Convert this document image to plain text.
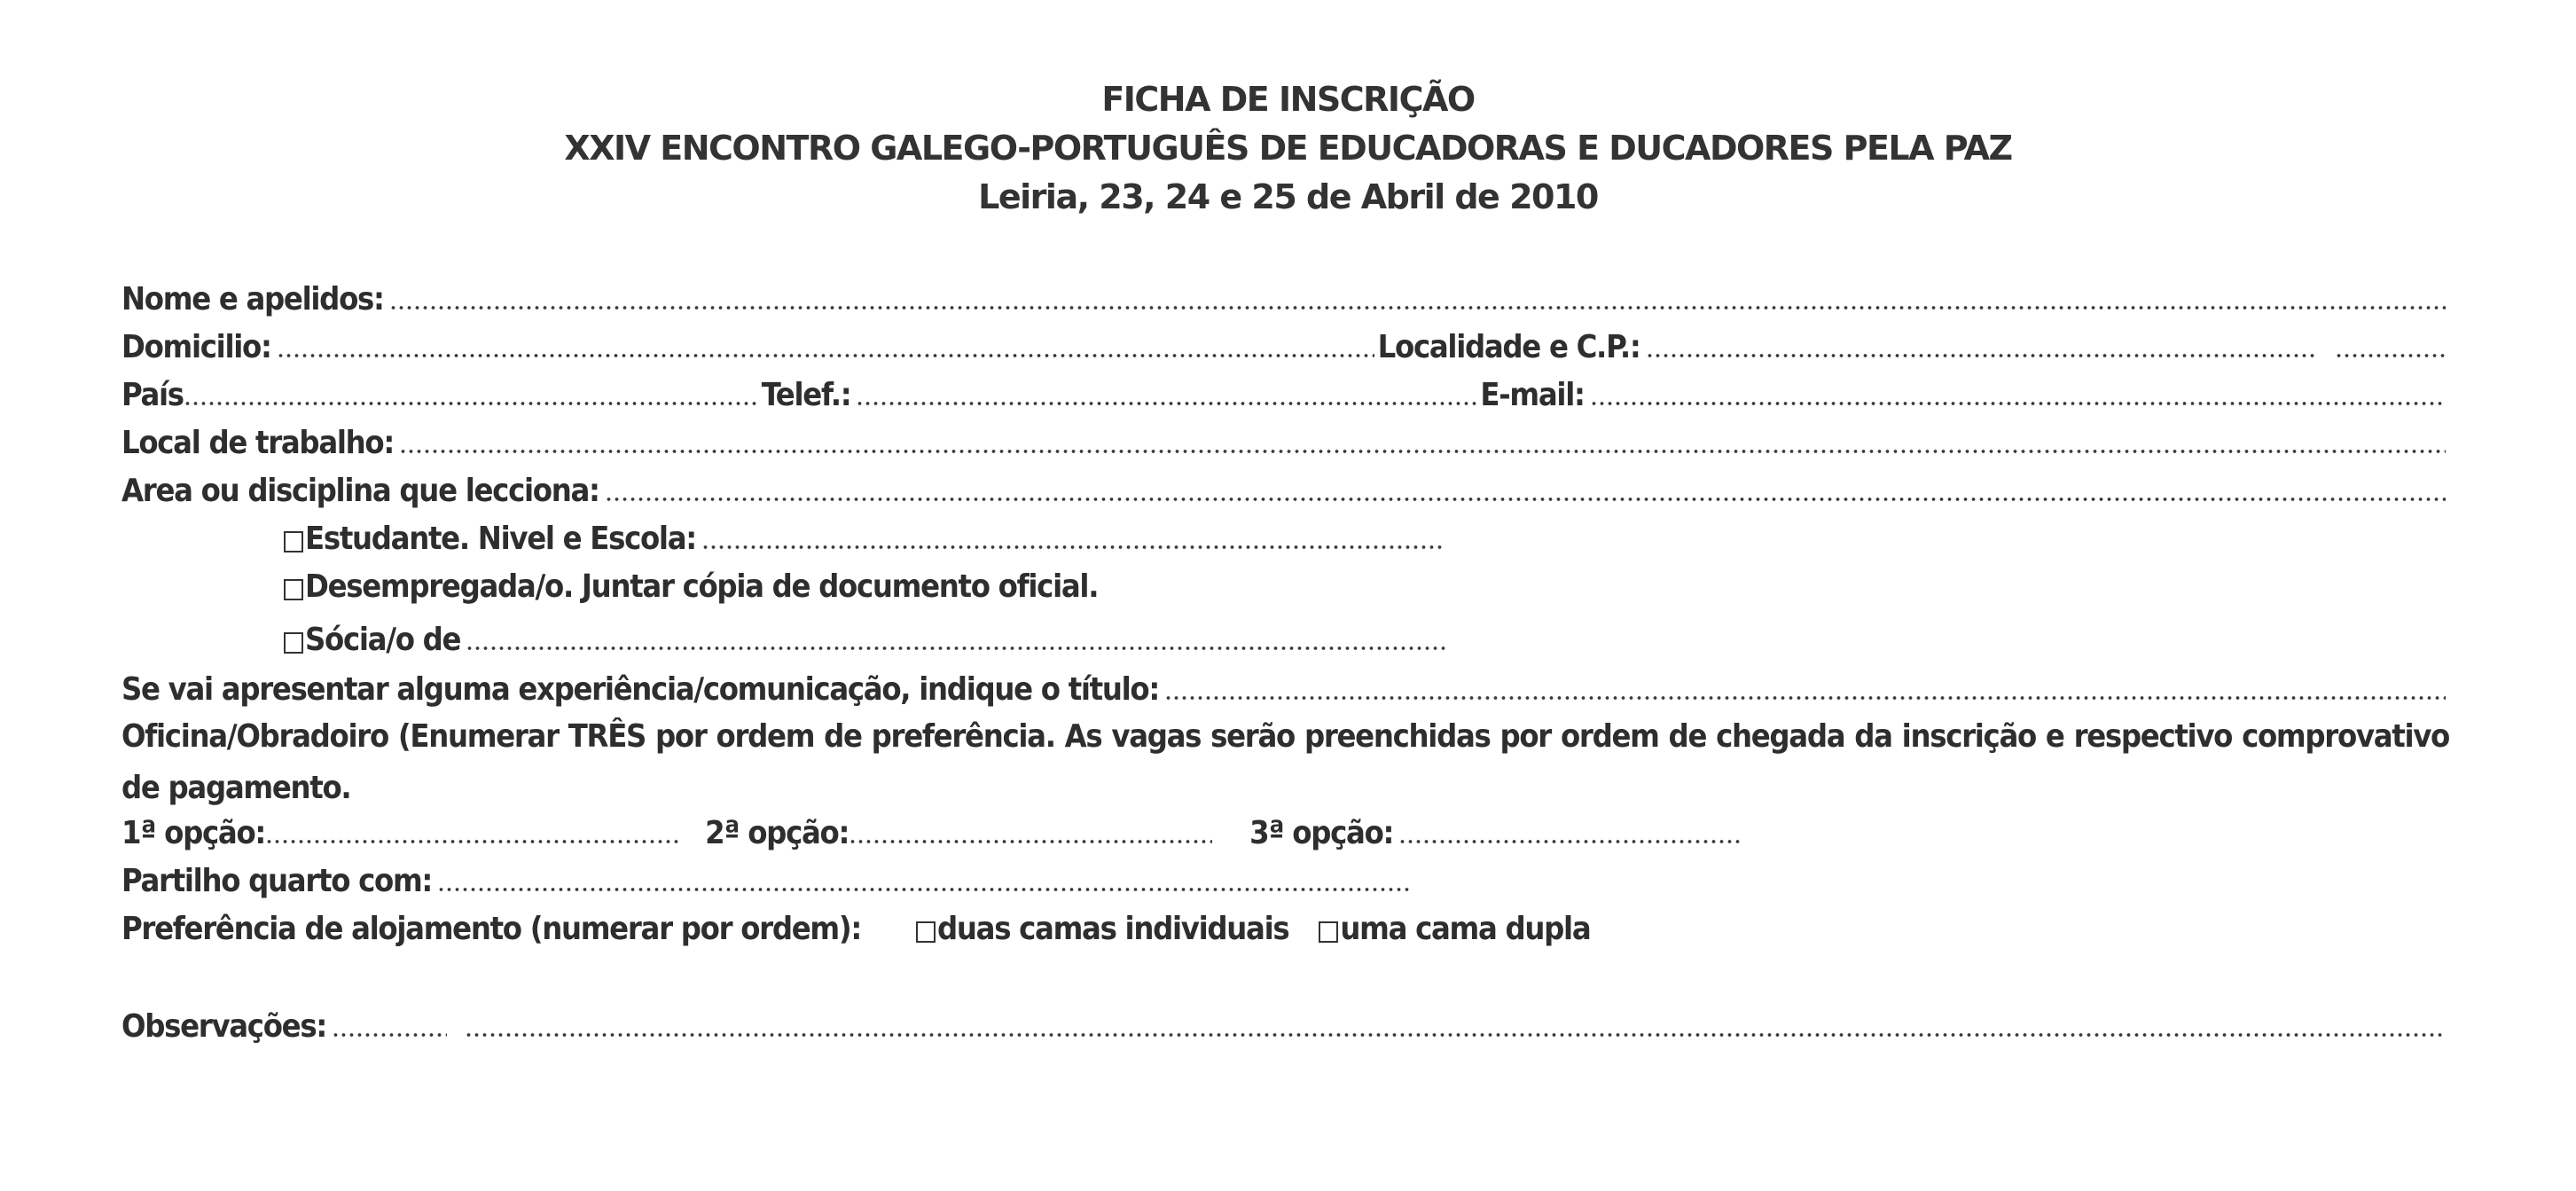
FICHA DE INSCRIÇÃO
XXIV ENCONTRO GALEGO-PORTUGUÊS DE EDUCADORAS E DUCADORES PELA PAZ
Leiria, 23, 24 e 25 de Abril de 2010
Nome e apelidos:
Domicilio:	Localidade e C.P.:
País	Telef.:	E-mail:
Local de trabalho:
Area ou disciplina que lecciona:
Estudante. Nivel e Escola:
Desempregada/o. Juntar cópia de documento oficial.
Sócia/o de
Se vai apresentar alguma experiência/comunicação, indique o título:
Oficina/Obradoiro (Enumerar TRÊS por ordem de preferência. As vagas serão preenchidas por ordem de chegada da inscrição e respectivo comprovativo de pagamento.
1ª opção:	2ª opção:	3ª opção:
Partilho quarto com:
Preferência de alojamento (numerar por ordem): duas camas individuais uma cama dupla
Observações:
